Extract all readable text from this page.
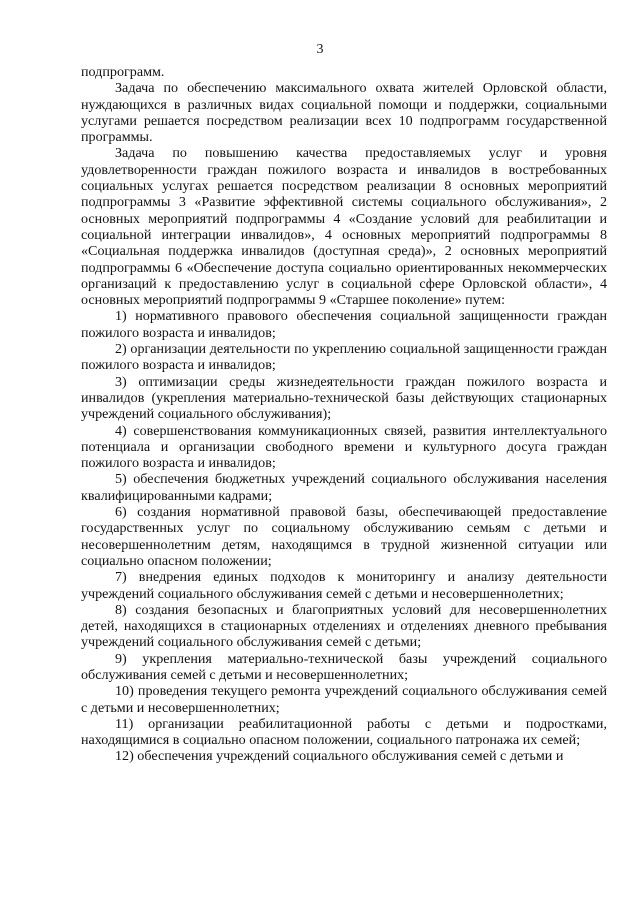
3

подпрограмм.

Задача по обеспечению максимального охвата жителей Орловской области, нуждающихся в различных видах социальной помощи и поддержки, социальными услугами решается посредством реализации всех 10 подпрограмм государственной программы.

Задача по повышению качества предоставляемых услуг и уровня удовлетворенности граждан пожилого возраста и инвалидов в востребованных социальных услугах решается посредством реализации 8 основных мероприятий подпрограммы 3 «Развитие эффективной системы социального обслуживания», 2 основных мероприятий подпрограммы 4 «Создание условий для реабилитации и социальной интеграции инвалидов», 4 основных мероприятий подпрограммы 8 «Социальная поддержка инвалидов (доступная среда)», 2 основных мероприятий подпрограммы 6 «Обеспечение доступа социально ориентированных некоммерческих организаций к предоставлению услуг в социальной сфере Орловской области», 4 основных мероприятий подпрограммы 9 «Старшее поколение» путем:

1) нормативного правового обеспечения социальной защищенности граждан пожилого возраста и инвалидов;

2) организации деятельности по укреплению социальной защищенности граждан пожилого возраста и инвалидов;

3) оптимизации среды жизнедеятельности граждан пожилого возраста и инвалидов (укрепления материально-технической базы действующих стационарных учреждений социального обслуживания);

4) совершенствования коммуникационных связей, развития интеллектуального потенциала и организации свободного времени и культурного досуга граждан пожилого возраста и инвалидов;

5) обеспечения бюджетных учреждений социального обслуживания населения квалифицированными кадрами;

6) создания нормативной правовой базы, обеспечивающей предоставление государственных услуг по социальному обслуживанию семьям с детьми и несовершеннолетним детям, находящимся в трудной жизненной ситуации или социально опасном положении;

7) внедрения единых подходов к мониторингу и анализу деятельности учреждений социального обслуживания семей с детьми и несовершеннолетних;

8) создания безопасных и благоприятных условий для несовершеннолетних детей, находящихся в стационарных отделениях и отделениях дневного пребывания учреждений социального обслуживания семей с детьми;

9) укрепления материально-технической базы учреждений социального обслуживания семей с детьми и несовершеннолетних;

10) проведения текущего ремонта учреждений социального обслуживания семей с детьми и несовершеннолетних;

11) организации реабилитационной работы с детьми и подростками, находящимися в социально опасном положении, социального патронажа их семей;

12) обеспечения учреждений социального обслуживания семей с детьми и
